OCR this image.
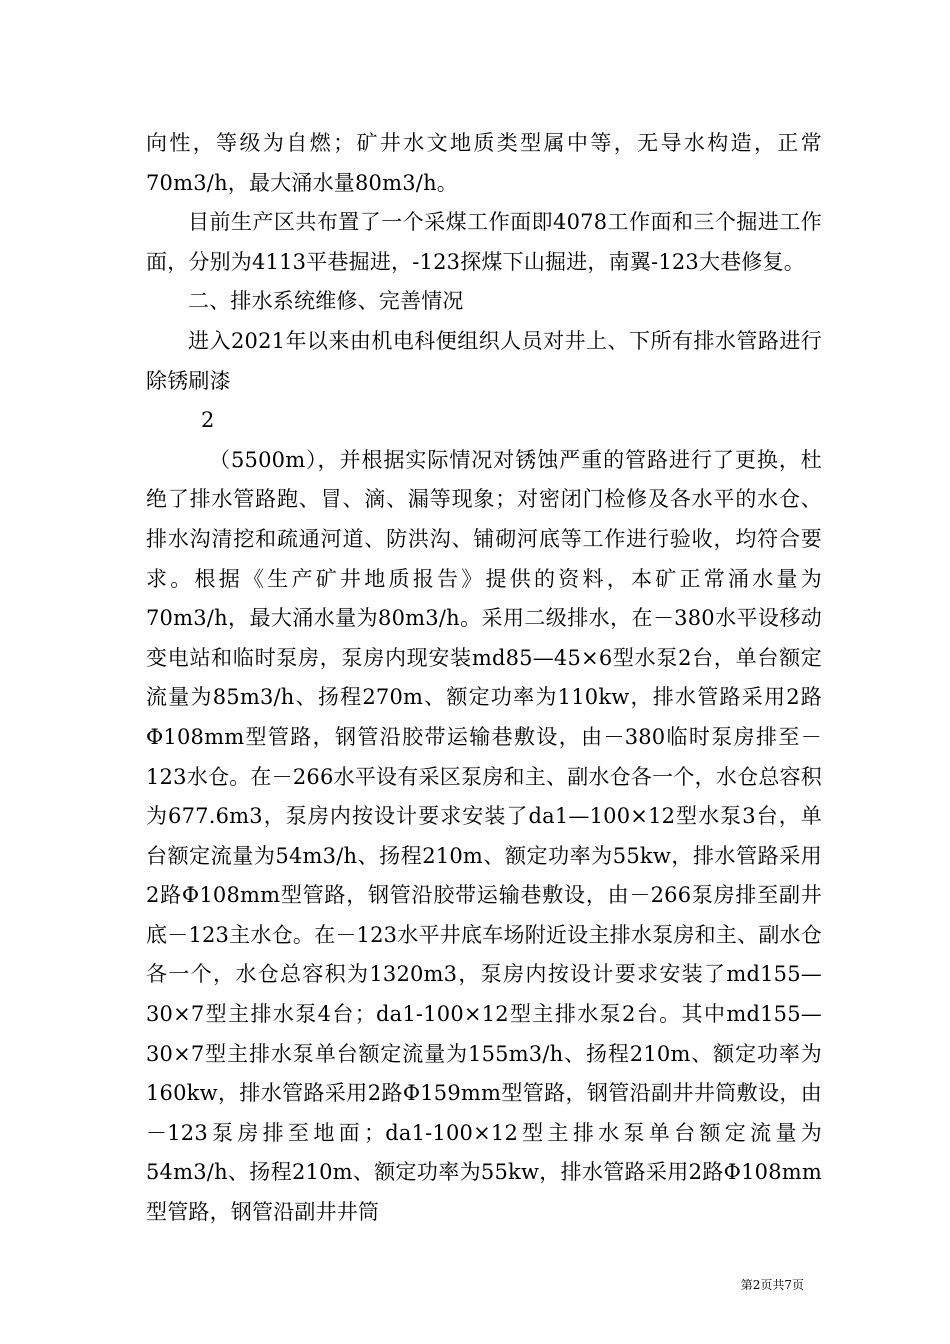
向性，等级为自燃；矿井水文地质类型属中等，无导水构造，正常70m3/h，最大涌水量80m3/h。

目前生产区共布置了一个采煤工作面即4078工作面和三个掘进工作面，分别为4113平巷掘进，-123探煤下山掘进，南翼-123大巷修复。

二、排水系统维修、完善情况

进入2021年以来由机电科便组织人员对井上、下所有排水管路进行除锈刷漆

2

（5500m），并根据实际情况对锈蚀严重的管路进行了更换，杜绝了排水管路跑、冒、滴、漏等现象；对密闭门检修及各水平的水仓、排水沟清挖和疏通河道、防洪沟、铺砌河底等工作进行验收，均符合要求。根据《生产矿井地质报告》提供的资料，本矿正常涌水量为70m3/h，最大涌水量为80m3/h。采用二级排水，在－380水平设移动变电站和临时泵房，泵房内现安装md85—45×6型水泵2台，单台额定流量为85m3/h、扬程270m、额定功率为110kw，排水管路采用2路Φ108mm型管路，钢管沿胶带运输巷敷设，由－380临时泵房排至－123水仓。在－266水平设有采区泵房和主、副水仓各一个，水仓总容积为677.6m3，泵房内按设计要求安装了da1—100×12型水泵3台，单台额定流量为54m3/h、扬程210m、额定功率为55kw，排水管路采用2路Φ108mm型管路，钢管沿胶带运输巷敷设，由－266泵房排至副井底－123主水仓。在－123水平井底车场附近设主排水泵房和主、副水仓各一个，水仓总容积为1320m3，泵房内按设计要求安装了md155—30×7型主排水泵4台；da1-100×12型主排水泵2台。其中md155—30×7型主排水泵单台额定流量为155m3/h、扬程210m、额定功率为160kw，排水管路采用2路Φ159mm型管路，钢管沿副井井筒敷设，由－123泵房排至地面；da1-100×12型主排水泵单台额定流量为54m3/h、扬程210m、额定功率为55kw，排水管路采用2路Φ108mm型管路，钢管沿副井井筒

第2页共7页
